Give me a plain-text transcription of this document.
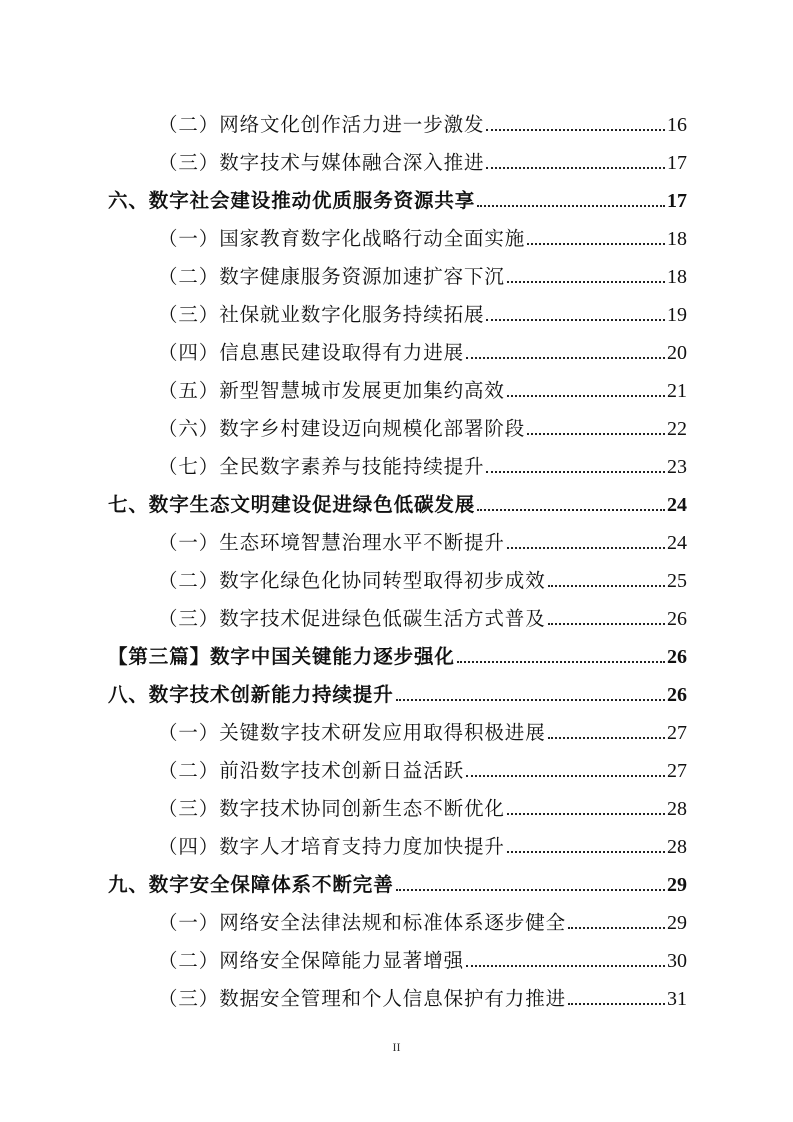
（二）网络文化创作活力进一步激发	16
（三）数字技术与媒体融合深入推进	17
六、数字社会建设推动优质服务资源共享	17
（一）国家教育数字化战略行动全面实施	18
（二）数字健康服务资源加速扩容下沉	18
（三）社保就业数字化服务持续拓展	19
（四）信息惠民建设取得有力进展	20
（五）新型智慧城市发展更加集约高效	21
（六）数字乡村建设迈向规模化部署阶段	22
（七）全民数字素养与技能持续提升	23
七、数字生态文明建设促进绿色低碳发展	24
（一）生态环境智慧治理水平不断提升	24
（二）数字化绿色化协同转型取得初步成效	25
（三）数字技术促进绿色低碳生活方式普及	26
【第三篇】数字中国关键能力逐步强化	26
八、数字技术创新能力持续提升	26
（一）关键数字技术研发应用取得积极进展	27
（二）前沿数字技术创新日益活跃	27
（三）数字技术协同创新生态不断优化	28
（四）数字人才培育支持力度加快提升	28
九、数字安全保障体系不断完善	29
（一）网络安全法律法规和标准体系逐步健全	29
（二）网络安全保障能力显著增强	30
（三）数据安全管理和个人信息保护有力推进	31
II
